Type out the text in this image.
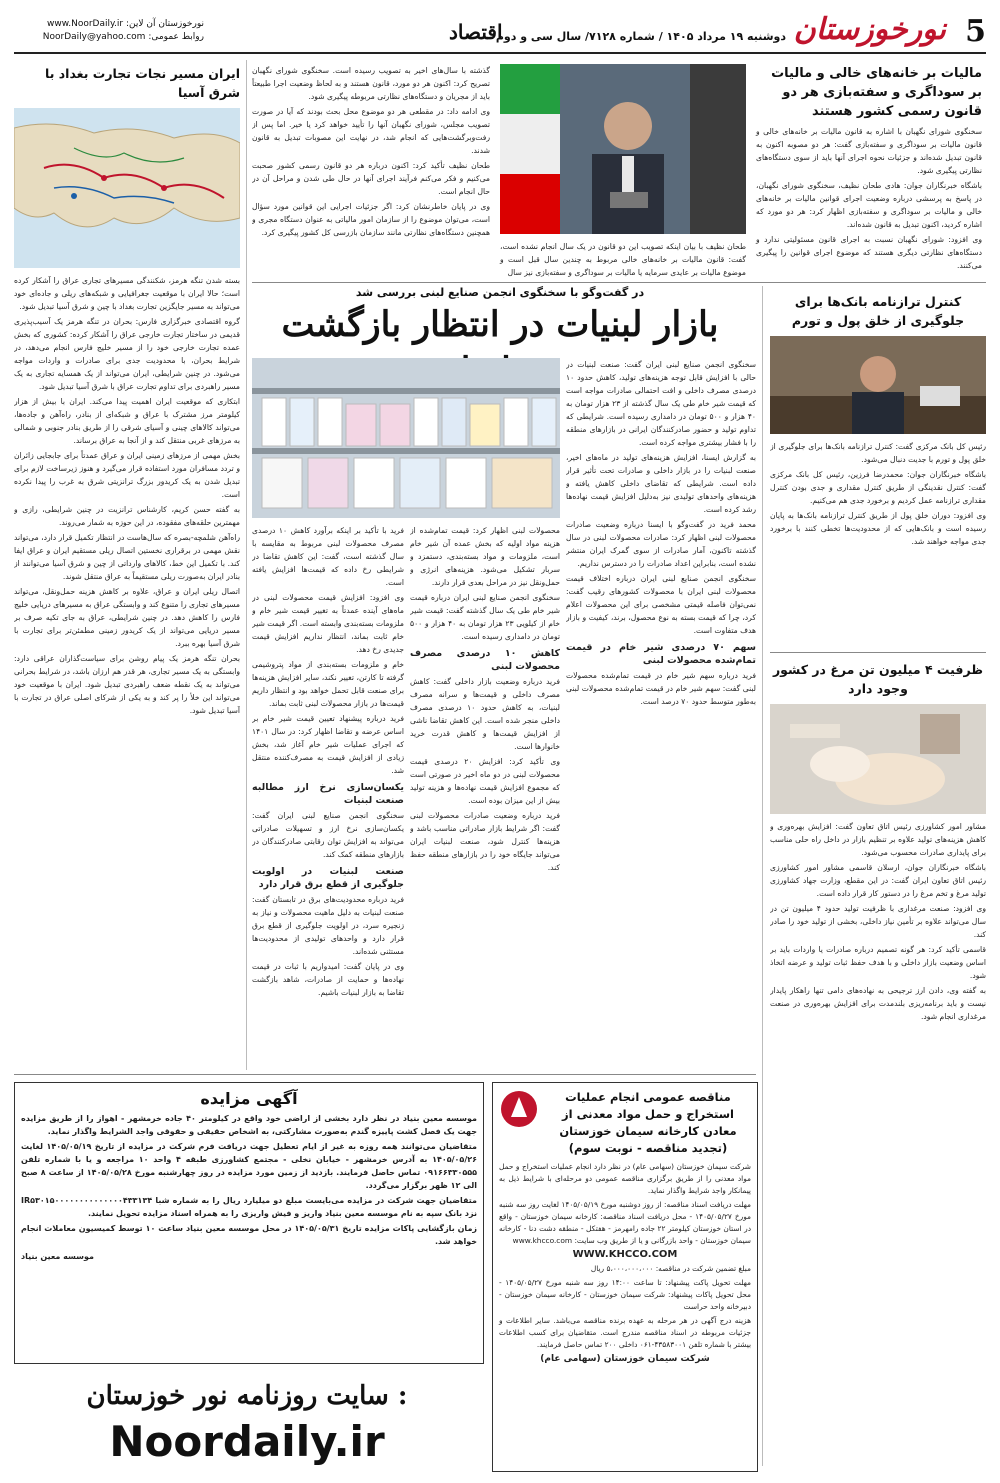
5
نورخوزستان
دوشنبه ۱۹ مرداد ۱۴۰۵ / شماره ۷۱۲۸/ سال سی و دوم
اقتصاد
نورخوزستان آن لاین: www.NoorDaily.ir
روابط عمومی: NoorDaily@yahoo.com
ایران مسیر نجات تجارت بغداد با شرق آسیا

بسته شدن تنگه هرمز، شکنندگی مسیرهای تجاری عراق را آشکار کرده است؛ حالا ایران با موقعیت جغرافیایی و شبکه‌های ریلی و جاده‌ای خود می‌تواند به مسیر جایگزین تجارت بغداد با چین و شرق آسیا تبدیل شود.

گروه اقتصادی خبرگزاری فارس: بحران در تنگه هرمز یک آسیب‌پذیری قدیمی در ساختار تجارت خارجی عراق را آشکار کرده: کشوری که بخش عمده تجارت خارجی خود را از مسیر خلیج فارس انجام می‌دهد، در شرایط بحران، با محدودیت جدی برای صادرات و واردات مواجه می‌شود. در چنین شرایطی، ایران می‌تواند از یک همسایه تجاری به یک مسیر راهبردی برای تداوم تجارت عراق با شرق آسیا تبدیل شود.

ابتکاری که موقعیت ایران اهمیت پیدا می‌کند. ایران با بیش از هزار کیلومتر مرز مشترک با عراق و شبکه‌ای از بنادر، راه‌آهن و جاده‌ها، می‌تواند کالاهای چینی و آسیای شرقی را از طریق بنادر جنوبی و شمالی به مرزهای غربی منتقل کند و از آنجا به عراق برساند.

بخش مهمی از مرزهای زمینی ایران و عراق عمدتاً برای جابجایی زائران و تردد مسافران مورد استفاده قرار می‌گیرد و هنوز زیرساخت لازم برای تبدیل شدن به یک کریدور بزرگ ترانزیتی شرق به غرب را پیدا نکرده است.

به گفته حسن کریم، کارشناس ترانزیت در چنین شرایطی، رازی و مهمترین حلقه‌های مفقوده، در این حوزه به شمار می‌روند.

راه‌آهن شلمچه-بصره که سال‌هاست در انتظار تکمیل قرار دارد، می‌تواند نقش مهمی در برقراری نخستین اتصال ریلی مستقیم ایران و عراق ایفا کند. با تکمیل این خط، کالاهای وارداتی از چین و شرق آسیا می‌توانند از بنادر ایران به‌صورت ریلی مستقیماً به عراق منتقل شوند.

اتصال ریلی ایران و عراق، علاوه بر کاهش هزینه حمل‌ونقل، می‌تواند مسیرهای تجاری را متنوع کند و وابستگی عراق به مسیرهای دریایی خلیج فارس را کاهش دهد. در چنین شرایطی، عراق به جای تکیه صرف بر مسیر دریایی می‌تواند از یک کریدور زمینی مطمئن‌تر برای تجارت با شرق آسیا بهره ببرد.

بحران تنگه هرمز یک پیام روشن برای سیاست‌گذاران عراقی دارد: وابستگی به یک مسیر تجاری، هر قدر هم ارزان باشد، در شرایط بحرانی می‌تواند به یک نقطه ضعف راهبردی تبدیل شود. ایران با موقعیت خود می‌تواند این خلأ را پر کند و به یکی از شرکای اصلی عراق در تجارت با آسیا تبدیل شود.

مالیات بر خانه‌های خالی و مالیات بر سوداگری و سفته‌بازی هر دو قانون رسمی کشور هستند

سخنگوی شورای نگهبان با اشاره به قانون مالیات بر خانه‌های خالی و قانون مالیات بر سوداگری و سفته‌بازی گفت: هر دو مصوبه اکنون به قانون تبدیل شده‌اند و جزئیات نحوه اجرای آنها باید از سوی دستگاه‌های نظارتی پیگیری شود.

باشگاه خبرنگاران جوان: هادی طحان نظیف، سخنگوی شورای نگهبان، در پاسخ به پرسشی درباره وضعیت اجرای قوانین مالیات بر خانه‌های خالی و مالیات بر سوداگری و سفته‌بازی اظهار کرد: هر دو مورد که اشاره کردید، اکنون تبدیل به قانون شده‌اند.

وی افزود: شورای نگهبان نسبت به اجرای قانون مسئولیتی ندارد و دستگاه‌های نظارتی دیگری هستند که موضوع اجرای قوانین را پیگیری می‌کنند.

طحان نظیف با بیان اینکه تصویب این دو قانون در یک سال انجام نشده است، گفت: قانون مالیات بر خانه‌های خالی مربوط به چندین سال قبل است و موضوع مالیات بر عایدی سرمایه یا مالیات بر سوداگری و سفته‌بازی نیز سال

گذشته با سال‌های اخیر به تصویب رسیده است. سخنگوی شورای نگهبان تصریح کرد: اکنون هر دو مورد، قانون هستند و به لحاظ وضعیت اجرا طبیعتاً باید از مجریان و دستگاه‌های نظارتی مربوطه پیگیری شود.

وی ادامه داد: در مقطعی هر دو موضوع محل بحث بودند که آیا در صورت تصویب مجلس، شورای نگهبان آنها را تأیید خواهد کرد یا خیر. اما پس از رفت‌وبرگشت‌هایی که انجام شد، در نهایت این مصوبات تبدیل به قانون شدند.

طحان نظیف تأکید کرد: اکنون درباره هر دو قانون رسمی کشور صحبت می‌کنیم و فکر می‌کنم فرآیند اجرای آنها در حال طی شدن و مراحل آن در حال انجام است.

وی در پایان خاطرنشان کرد: اگر جزئیات اجرایی این قوانین مورد سؤال است، می‌توان موضوع را از سازمان امور مالیاتی به عنوان دستگاه مجری و همچنین دستگاه‌های نظارتی مانند سازمان بازرسی کل کشور پیگیری کرد.

کنترل ترازنامه بانک‌ها برای جلوگیری از خلق پول و تورم

رئیس کل بانک مرکزی گفت: کنترل ترازنامه بانک‌ها برای جلوگیری از خلق پول و تورم با جدیت دنبال می‌شود.

باشگاه خبرنگاران جوان: محمدرضا فرزین، رئیس کل بانک مرکزی گفت: کنترل نقدینگی از طریق کنترل مقداری و جدی بودن کنترل مقداری ترازنامه عمل کردیم و برخورد جدی هم می‌کنیم.

وی افزود: دوران خلق پول از طریق کنترل ترازنامه بانک‌ها به پایان رسیده است و بانک‌هایی که از محدودیت‌ها تخطی کنند با برخورد جدی مواجه خواهند شد.

ظرفیت ۴ میلیون تن مرغ در کشور وجود دارد

مشاور امور کشاورزی رئیس اتاق تعاون گفت: افزایش بهره‌وری و کاهش هزینه‌های تولید علاوه بر تنظیم بازار در داخل راه حلی مناسب برای پایداری صادرات محسوب می‌شود.

باشگاه خبرنگاران جوان، ارسلان قاسمی مشاور امور کشاورزی رئیس اتاق تعاون ایران گفت: در این مقطع، وزارت جهاد کشاورزی تولید مرغ و تخم مرغ را در دستور کار قرار داده است.

وی افزود: صنعت مرغداری با ظرفیت تولید حدود ۴ میلیون تن در سال می‌تواند علاوه بر تأمین نیاز داخلی، بخشی از تولید خود را صادر کند.

قاسمی تأکید کرد: هر گونه تصمیم درباره صادرات یا واردات باید بر اساس وضعیت بازار داخلی و با هدف حفظ ثبات تولید و عرضه اتخاذ شود.

به گفته وی، دادن ارز ترجیحی به نهاده‌های دامی تنها راهکار پایدار نیست و باید برنامه‌ریزی بلندمدت برای افزایش بهره‌وری در صنعت مرغداری انجام شود.

در گفت‌وگو با سخنگوی انجمن صنایع لبنی بررسی شد
بازار لبنیات در انتظار بازگشت

سخنگوی انجمن صنایع لبنی ایران گفت: صنعت لبنیات در حالی با افزایش قابل توجه هزینه‌های تولید، کاهش حدود ۱۰ درصدی مصرف داخلی و افت احتمالی صادرات مواجه است که قیمت شیر خام طی یک سال گذشته از ۲۳ هزار تومان به ۴۰ هزار و ۵۰۰ تومان در دامداری رسیده است. شرایطی که تداوم تولید و حضور صادرکنندگان ایرانی در بازارهای منطقه را با فشار بیشتری مواجه کرده است.

به گزارش ایسنا، افزایش هزینه‌های تولید در ماه‌های اخیر، صنعت لبنیات را در بازار داخلی و صادرات تحت تأثیر قرار داده است. شرایطی که تقاضای داخلی کاهش یافته و هزینه‌های واحدهای تولیدی نیز به‌دلیل افزایش قیمت نهاده‌ها رشد کرده است.

محمد فرید در گفت‌وگو با ایسنا درباره وضعیت صادرات محصولات لبنی اظهار کرد: صادرات محصولات لبنی در سال گذشته تاکنون، آمار صادرات از سوی گمرک ایران منتشر نشده است، بنابراین اعداد صادرات را در دسترس نداریم.

سخنگوی انجمن صنایع لبنی ایران درباره اختلاف قیمت محصولات لبنی ایران با محصولات کشورهای رقیب گفت: نمی‌توان فاصله قیمتی مشخصی برای این محصولات اعلام کرد، چرا که قیمت بسته به نوع محصول، برند، کیفیت و بازار هدف متفاوت است.

سهم ۷۰ درصدی شیر خام در قیمت تمام‌شده محصولات لبنی

فرید درباره سهم شیر خام در قیمت تمام‌شده محصولات لبنی گفت: سهم شیر خام در قیمت تمام‌شده محصولات لبنی به‌طور متوسط حدود ۷۰ درصد است.

محصولات لبنی اظهار کرد: قیمت تمام‌شده از هزینه مواد اولیه که بخش عمده آن شیر خام است، ملزومات و مواد بسته‌بندی، دستمزد و سربار تشکیل می‌شود. هزینه‌های انرژی و حمل‌ونقل نیز در مراحل بعدی قرار دارند.

سخنگوی انجمن صنایع لبنی ایران درباره قیمت شیر خام طی یک سال گذشته گفت: قیمت شیر خام از کیلویی ۲۳ هزار تومان به ۴۰ هزار و ۵۰۰ تومان در دامداری رسیده است.

کاهش ۱۰ درصدی مصرف محصولات لبنی

فرید درباره وضعیت بازار داخلی گفت: کاهش مصرف داخلی و قیمت‌ها و سرانه مصرف لبنیات، به کاهش حدود ۱۰ درصدی مصرف داخلی منجر شده است. این کاهش تقاضا ناشی از افزایش قیمت‌ها و کاهش قدرت خرید خانوارها است.

وی تأکید کرد: افزایش ۲۰ درصدی قیمت محصولات لبنی در دو ماه اخیر در صورتی است که مجموع افزایش قیمت نهاده‌ها و هزینه تولید بیش از این میزان بوده است.

فرید درباره وضعیت صادرات محصولات لبنی گفت: اگر شرایط بازار صادراتی مناسب باشد و هزینه‌ها کنترل شود، صنعت لبنیات ایران می‌تواند جایگاه خود را در بازارهای منطقه حفظ کند.

فرید با تأکید بر اینکه برآورد کاهش ۱۰ درصدی مصرف محصولات لبنی مربوط به مقایسه با سال گذشته است، گفت: این کاهش تقاضا در شرایطی رخ داده که قیمت‌ها افزایش یافته است.

وی افزود: افزایش قیمت محصولات لبنی در ماه‌های آینده عمدتاً به تغییر قیمت شیر خام و ملزومات بسته‌بندی وابسته است. اگر قیمت شیر خام ثابت بماند، انتظار نداریم افزایش قیمت جدیدی رخ دهد.

خام و ملزومات بسته‌بندی از مواد پتروشیمی گرفته تا کارتن، تغییر نکند، سایر افزایش هزینه‌ها برای صنعت قابل تحمل خواهد بود و انتظار داریم قیمت‌ها در بازار محصولات لبنی ثابت بماند.

فرید درباره پیشنهاد تعیین قیمت شیر خام بر اساس عرضه و تقاضا اظهار کرد: در سال ۱۴۰۱ که اجرای عملیات شیر خام آغاز شد، بخش زیادی از افزایش قیمت به مصرف‌کننده منتقل شد.

یکسان‌سازی نرخ ارز مطالبه صنعت لبنیات

سخنگوی انجمن صنایع لبنی ایران گفت: یکسان‌سازی نرخ ارز و تسهیلات صادراتی می‌تواند به افزایش توان رقابتی صادرکنندگان در بازارهای منطقه کمک کند.

صنعت لبنیات در اولویت جلوگیری از قطع برق قرار دارد

فرید درباره محدودیت‌های برق در تابستان گفت: صنعت لبنیات به دلیل ماهیت محصولات و نیاز به زنجیره سرد، در اولویت جلوگیری از قطع برق قرار دارد و واحدهای تولیدی از محدودیت‌ها مستثنی شده‌اند.

وی در پایان گفت: امیدواریم با ثبات در قیمت نهاده‌ها و حمایت از صادرات، شاهد بازگشت تقاضا به بازار لبنیات باشیم.

مناقصه عمومی انجام عملیات استخراج و حمل مواد معدنی از معادن کارخانه سیمان خوزستان (تجدید مناقصه - نوبت سوم)

شرکت سیمان خوزستان (سهامی عام) در نظر دارد انجام عملیات استخراج و حمل مواد معدنی را از طریق برگزاری مناقصه عمومی دو مرحله‌ای با شرایط ذیل به پیمانکار واجد شرایط واگذار نماید.

مهلت دریافت اسناد مناقصه: از روز دوشنبه مورخ ۱۴۰۵/۰۵/۱۹ لغایت روز سه شنبه مورخ ۱۴۰۵/۰۵/۲۷ - محل دریافت اسناد مناقصه: کارخانه سیمان خوزستان - واقع در استان خوزستان کیلومتر ۲۲ جاده رامهرمز - هفتکل - منطقه دشت دنا - کارخانه سیمان خوزستان - واحد بازرگانی و یا از طریق وب سایت: www.khcco.com

WWW.KHCCO.COM

مبلغ تضمین شرکت در مناقصه: ۵،۰۰۰،۰۰۰،۰۰۰ ریال

مهلت تحویل پاکت پیشنهاد: تا ساعت ۱۴:۰۰ روز سه شنبه مورخ ۱۴۰۵/۰۵/۲۷ - محل تحویل پاکات پیشنهاد: شرکت سیمان خوزستان - کارخانه سیمان خوزستان - دبیرخانه واحد حراست

هزینه درج آگهی در هر مرحله به عهده برنده مناقصه می‌باشد. سایر اطلاعات و جزئیات مربوطه در اسناد مناقصه مندرج است. متقاضیان برای کسب اطلاعات بیشتر با شماره تلفن ۴۳۵۸۳۰۰۱-۰۶۱ داخلی ۲۰۰ تماس حاصل فرمایند.

شرکت سیمان خوزستان (سهامی عام)

آگهی مزایده

موسسه معین بنیاد در نظر دارد بخشی از اراضی خود واقع در کیلومتر ۴۰ جاده خرمشهر - اهواز را از طریق مزایده جهت یک فصل کشت پاییزه گندم به‌صورت مشارکتی، به اشخاص حقیقی و حقوقی واجد الشرایط واگذار نماید.

متقاضیان می‌توانند همه روزه به غیر از ایام تعطیل جهت دریافت فرم شرکت در مزایده از تاریخ ۱۴۰۵/۰۵/۱۹ لغایت ۱۴۰۵/۰۵/۲۶ به آدرس خرمشهر - خیابان نخلی - مجتمع کشاورزی طبقه ۴ واحد ۱۰ مراجعه و یا با شماره تلفن ۰۹۱۶۶۳۳۰۵۵۵ تماس حاصل فرمایند. بازدید از زمین مورد مزایده در روز چهارشنبه مورخ ۱۴۰۵/۰۵/۲۸ از ساعت ۸ صبح الی ۱۲ ظهر برگزار می‌گردد.

متقاضیان جهت شرکت در مزایده می‌بایست مبلغ دو میلیارد ریال را به شماره شبا IR۵۳۰۱۵۰۰۰۰۰۰۰۰۰۰۰۰۰۰۴۳۳۱۳۴ نزد بانک سپه به نام موسسه معین بنیاد واریز و فیش واریزی را به همراه اسناد مزایده تحویل نمایند.

زمان بازگشایی پاکات مزایده تاریخ ۱۴۰۵/۰۵/۳۱ در محل موسسه معین بنیاد ساعت ۱۰ توسط کمیسیون معاملات انجام خواهد شد.

موسسه معین بنیاد

: سایت روزنامه نور خوزستان
Noordaily.ir
